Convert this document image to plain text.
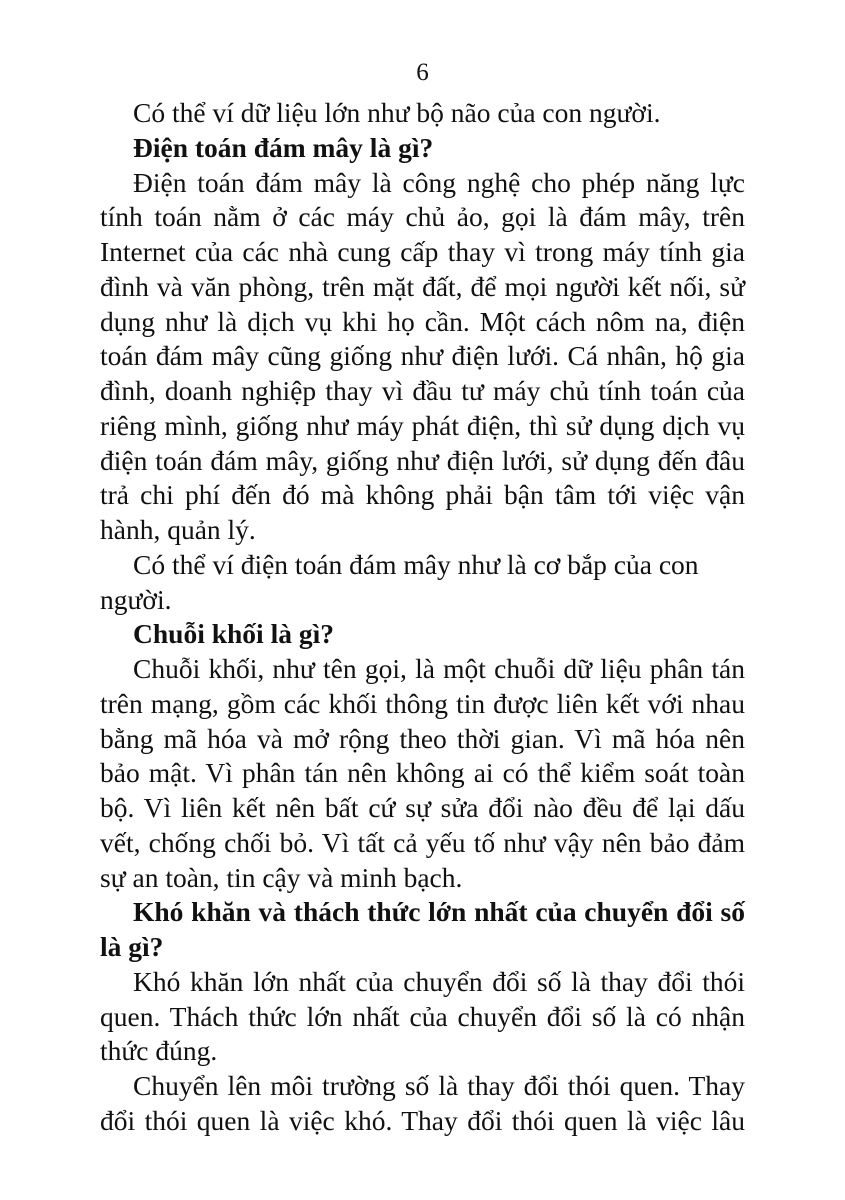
6

Có thể ví dữ liệu lớn như bộ não của con người.

Điện toán đám mây là gì?

Điện toán đám mây là công nghệ cho phép năng lực tính toán nằm ở các máy chủ ảo, gọi là đám mây, trên Internet của các nhà cung cấp thay vì trong máy tính gia đình và văn phòng, trên mặt đất, để mọi người kết nối, sử dụng như là dịch vụ khi họ cần. Một cách nôm na, điện toán đám mây cũng giống như điện lưới. Cá nhân, hộ gia đình, doanh nghiệp thay vì đầu tư máy chủ tính toán của riêng mình, giống như máy phát điện, thì sử dụng dịch vụ điện toán đám mây, giống như điện lưới, sử dụng đến đâu trả chi phí đến đó mà không phải bận tâm tới việc vận hành, quản lý.

Có thể ví điện toán đám mây như là cơ bắp của con người.

Chuỗi khối là gì?

Chuỗi khối, như tên gọi, là một chuỗi dữ liệu phân tán trên mạng, gồm các khối thông tin được liên kết với nhau bằng mã hóa và mở rộng theo thời gian. Vì mã hóa nên bảo mật. Vì phân tán nên không ai có thể kiểm soát toàn bộ. Vì liên kết nên bất cứ sự sửa đổi nào đều để lại dấu vết, chống chối bỏ. Vì tất cả yếu tố như vậy nên bảo đảm sự an toàn, tin cậy và minh bạch.

Khó khăn và thách thức lớn nhất của chuyển đổi số là gì?

Khó khăn lớn nhất của chuyển đổi số là thay đổi thói quen. Thách thức lớn nhất của chuyển đổi số là có nhận thức đúng.

Chuyển lên môi trường số là thay đổi thói quen. Thay đổi thói quen là việc khó. Thay đổi thói quen là việc lâu
